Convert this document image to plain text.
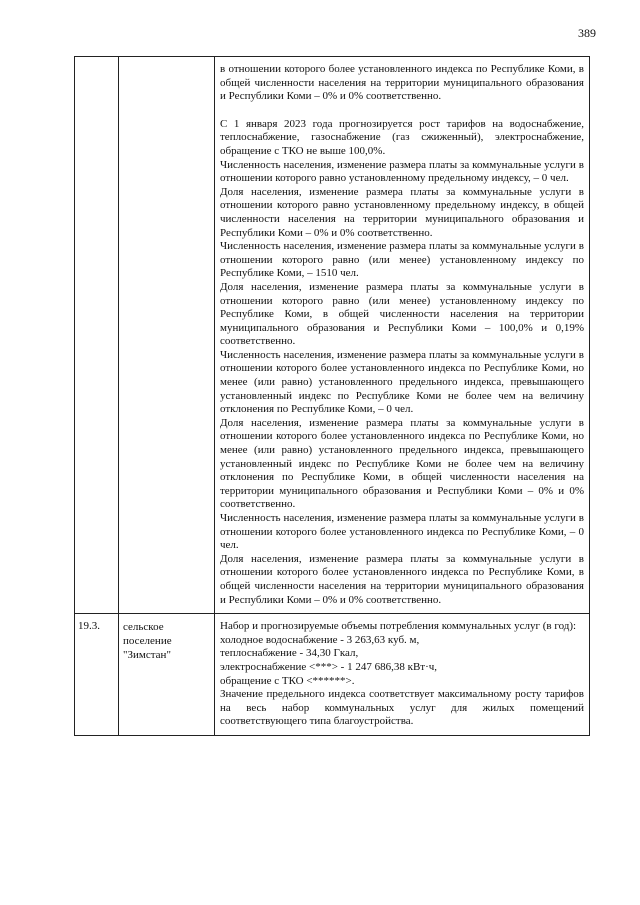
389

в отношении которого более установленного индекса по Республике Коми, в общей численности населения на территории муниципального образования и Республики Коми – 0% и 0% соответственно.

С 1 января 2023 года прогнозируется рост тарифов на водоснабжение, теплоснабжение, газоснабжение (газ сжиженный), электроснабжение, обращение с ТКО не выше 100,0%.

Численность населения, изменение размера платы за коммунальные услуги в отношении которого равно установленному предельному индексу, – 0 чел.

Доля населения, изменение размера платы за коммунальные услуги в отношении которого равно установленному предельному индексу, в общей численности населения на территории муниципального образования и Республики Коми – 0% и 0% соответственно.

Численность населения, изменение размера платы за коммунальные услуги в отношении которого равно (или менее) установленному индексу по Республике Коми, – 1510 чел.

Доля населения, изменение размера платы за коммунальные услуги в отношении которого равно (или менее) установленному индексу по Республике Коми, в общей численности населения на территории муниципального образования и Республики Коми – 100,0% и 0,19% соответственно.

Численность населения, изменение размера платы за коммунальные услуги в отношении которого более установленного индекса по Республике Коми, но менее (или равно) установленного предельного индекса, превышающего установленный индекс по Республике Коми не более чем на величину отклонения по Республике Коми, – 0 чел.

Доля населения, изменение размера платы за коммунальные услуги в отношении которого более установленного индекса по Республике Коми, но менее (или равно) установленного предельного индекса, превышающего установленный индекс по Республике Коми не более чем на величину отклонения по Республике Коми, в общей численности населения на территории муниципального образования и Республики Коми – 0% и 0% соответственно.

Численность населения, изменение размера платы за коммунальные услуги в отношении которого более установленного индекса по Республике Коми, – 0 чел.

Доля населения, изменение размера платы за коммунальные услуги в отношении которого более установленного индекса по Республике Коми, в общей численности населения на территории муниципального образования и Республики Коми – 0% и 0% соответственно.

19.3.	сельское поселение "Зимстан"

Набор и прогнозируемые объемы потребления коммунальных услуг (в год):

холодное водоснабжение - 3 263,63 куб. м,

теплоснабжение - 34,30 Гкал,

электроснабжение <***> - 1 247 686,38 кВт·ч,

обращение с ТКО <******>.

Значение предельного индекса соответствует максимальному росту тарифов на весь набор коммунальных услуг для жилых помещений соответствующего типа благоустройства.
